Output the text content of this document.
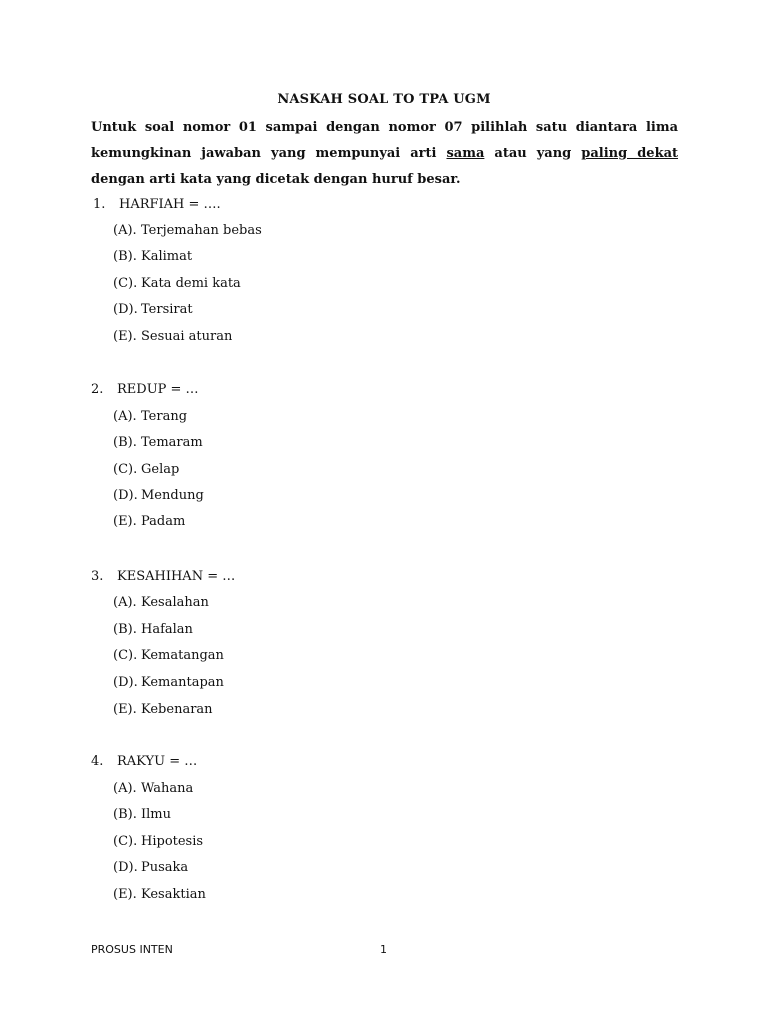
NASKAH SOAL TO TPA UGM
Untuk soal nomor 01 sampai dengan nomor 07 pilihlah satu diantara lima kemungkinan jawaban yang mempunyai arti sama atau yang paling dekat dengan arti kata yang dicetak dengan huruf besar.
1. HARFIAH = ….
(A). Terjemahan bebas
(B). Kalimat
(C). Kata demi kata
(D). Tersirat
(E). Sesuai aturan
2. REDUP = …
(A). Terang
(B). Temaram
(C). Gelap
(D). Mendung
(E). Padam
3. KESAHIHAN = …
(A). Kesalahan
(B). Hafalan
(C). Kematangan
(D). Kemantapan
(E). Kebenaran
4. RAKYU = …
(A). Wahana
(B). Ilmu
(C). Hipotesis
(D). Pusaka
(E). Kesaktian
PROSUS INTEN	1
